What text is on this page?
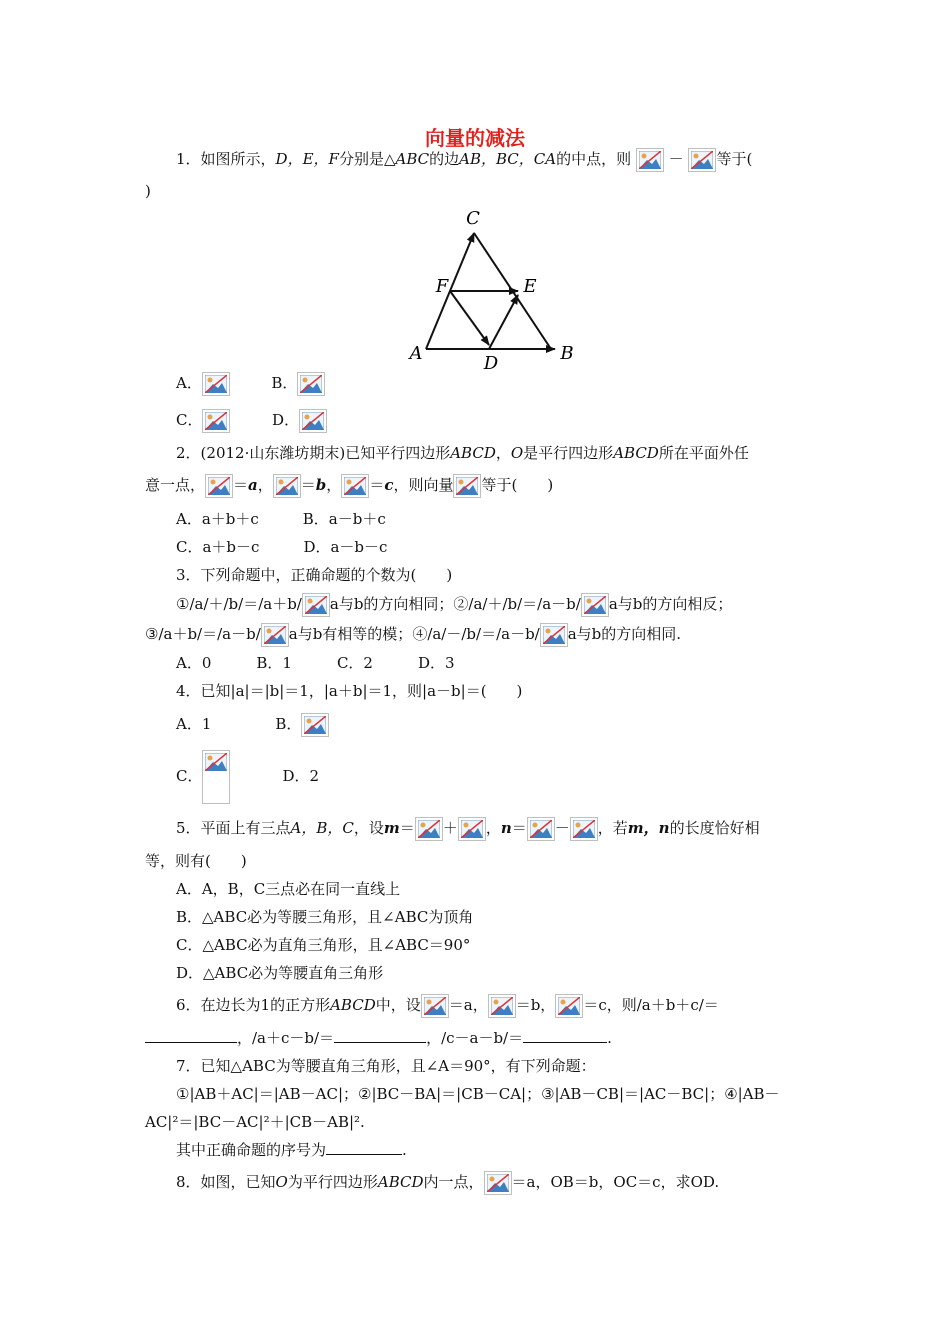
向量的减法
1．如图所示，D，E，F分别是△ABC的边AB，BC，CA的中点，则	－ 等于(
)
C
F	E
A	D	B
A．	B．
C．	D．
2．(2012·山东潍坊期末)已知平行四边形ABCD，O是平行四边形ABCD所在平面外任
意一点， ＝a， ＝b， ＝c，则向量 等于(　　)
A．a＋b＋c	B．a－b＋c
C．a＋b－c	D．a－b－c
3．下列命题中，正确命题的个数为(　　)
①/a/＋/b/＝/a＋b/ a与b的方向相同；②/a/＋/b/＝/a－b/ a与b的方向相反；
③/a＋b/＝/a－b/ a与b有相等的模；④/a/－/b/＝/a－b/ a与b的方向相同.
A．0　　　B．1　　　C．2　　　D．3
4．已知|a|＝|b|＝1，|a＋b|＝1，则|a－b|＝(　　)
A．1	B．
C．	D．2
5．平面上有三点A，B，C，设m＝ ＋ ，n＝ － ，若m，n的长度恰好相
等，则有(　　)
A．A，B，C三点必在同一直线上
B．△ABC必为等腰三角形，且∠ABC为顶角
C．△ABC必为直角三角形，且∠ABC＝90°
D．△ABC必为等腰直角三角形
6．在边长为1的正方形ABCD中，设 ＝a， ＝b， ＝c，则/a＋b＋c/＝
，/a＋c－b/＝	，/c－a－b/＝	.
7．已知△ABC为等腰直角三角形，且∠A＝90°，有下列命题：
①|AB＋AC|＝|AB－AC|；②|BC－BA|＝|CB－CA|；③|AB－CB|＝|AC－BC|；④|AB－
AC|²＝|BC－AC|²＋|CB－AB|².
其中正确命题的序号为	.
8．如图，已知O为平行四边形ABCD内一点， ＝a，OB＝b，OC＝c，求OD.
